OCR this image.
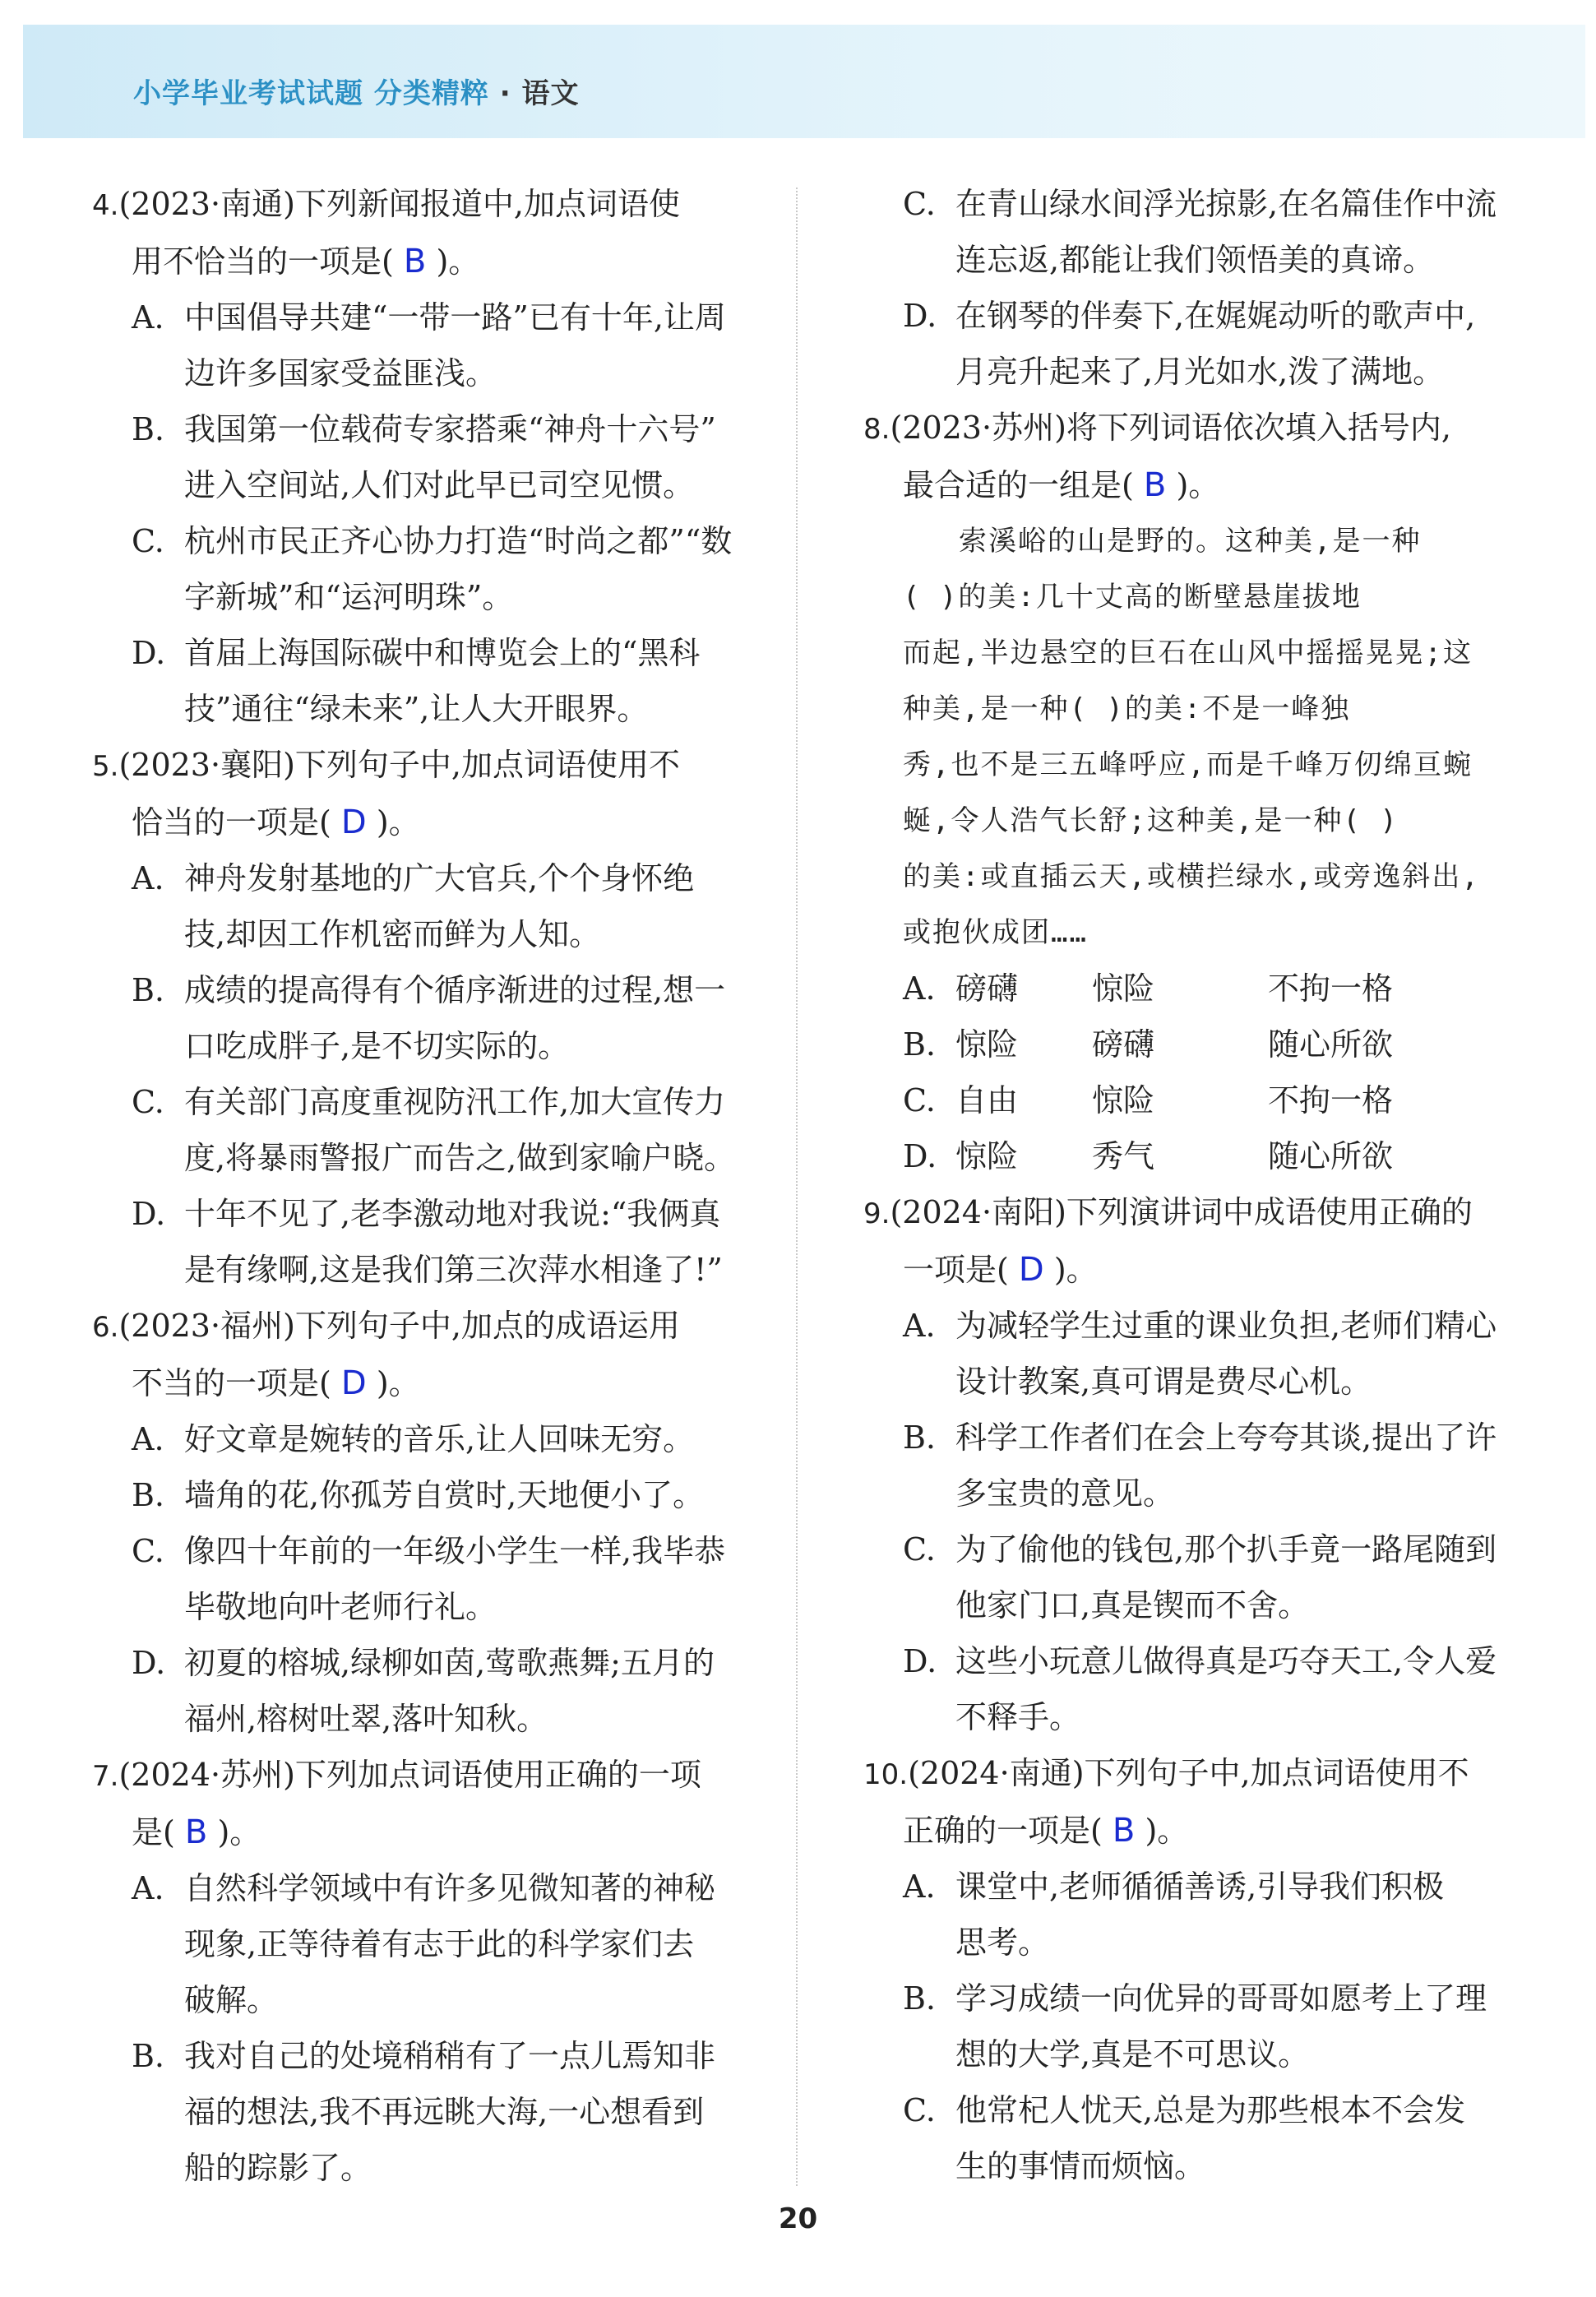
小学毕业考试试题 分类精粹 · 语文
4.(2023·南通)下列新闻报道中,加点词语使
用不恰当的一项是( B )。
A. 中国倡导共建“一带一路”已有十年,让周
边许多国家受益匪浅。
B. 我国第一位载荷专家搭乘“神舟十六号”
进入空间站,人们对此早已司空见惯。
C. 杭州市民正齐心协力打造“时尚之都”“数
字新城”和“运河明珠”。
D. 首届上海国际碳中和博览会上的“黑科
技”通往“绿未来”,让人大开眼界。
5.(2023·襄阳)下列句子中,加点词语使用不
恰当的一项是( D )。
A. 神舟发射基地的广大官兵,个个身怀绝
技,却因工作机密而鲜为人知。
B. 成绩的提高得有个循序渐进的过程,想一
口吃成胖子,是不切实际的。
C. 有关部门高度重视防汛工作,加大宣传力
度,将暴雨警报广而告之,做到家喻户晓。
D. 十年不见了,老李激动地对我说:“我俩真
是有缘啊,这是我们第三次萍水相逢了!”
6.(2023·福州)下列句子中,加点的成语运用
不当的一项是( D )。
A. 好文章是婉转的音乐,让人回味无穷。
B. 墙角的花,你孤芳自赏时,天地便小了。
C. 像四十年前的一年级小学生一样,我毕恭
毕敬地向叶老师行礼。
D. 初夏的榕城,绿柳如茵,莺歌燕舞;五月的
福州,榕树吐翠,落叶知秋。
7.(2024·苏州)下列加点词语使用正确的一项
是( B )。
A. 自然科学领域中有许多见微知著的神秘
现象,正等待着有志于此的科学家们去
破解。
B. 我对自己的处境稍稍有了一点儿焉知非
福的想法,我不再远眺大海,一心想看到
船的踪影了。
C. 在青山绿水间浮光掠影,在名篇佳作中流
连忘返,都能让我们领悟美的真谛。
D. 在钢琴的伴奏下,在娓娓动听的歌声中,
月亮升起来了,月光如水,泼了满地。
8.(2023·苏州)将下列词语依次填入括号内,
最合适的一组是( B )。
索溪峪的山是野的。这种美,是一种
( )的美:几十丈高的断壁悬崖拔地
而起,半边悬空的巨石在山风中摇摇晃晃;这
种美,是一种( )的美:不是一峰独
秀,也不是三五峰呼应,而是千峰万仞绵亘蜿
蜒,令人浩气长舒;这种美,是一种( )
的美:或直插云天,或横拦绿水,或旁逸斜出,
或抱伙成团……
A. 磅礴 惊险	不拘一格
B. 惊险 磅礴	随心所欲
C. 自由 惊险	不拘一格
D. 惊险 秀气	随心所欲
9.(2024·南阳)下列演讲词中成语使用正确的
一项是( D )。
A. 为减轻学生过重的课业负担,老师们精心
设计教案,真可谓是费尽心机。
B. 科学工作者们在会上夸夸其谈,提出了许
多宝贵的意见。
C. 为了偷他的钱包,那个扒手竟一路尾随到
他家门口,真是锲而不舍。
D. 这些小玩意儿做得真是巧夺天工,令人爱
不释手。
10.(2024·南通)下列句子中,加点词语使用不
正确的一项是( B )。
A. 课堂中,老师循循善诱,引导我们积极
思考。
B. 学习成绩一向优异的哥哥如愿考上了理
想的大学,真是不可思议。
C. 他常杞人忧天,总是为那些根本不会发
生的事情而烦恼。
20
